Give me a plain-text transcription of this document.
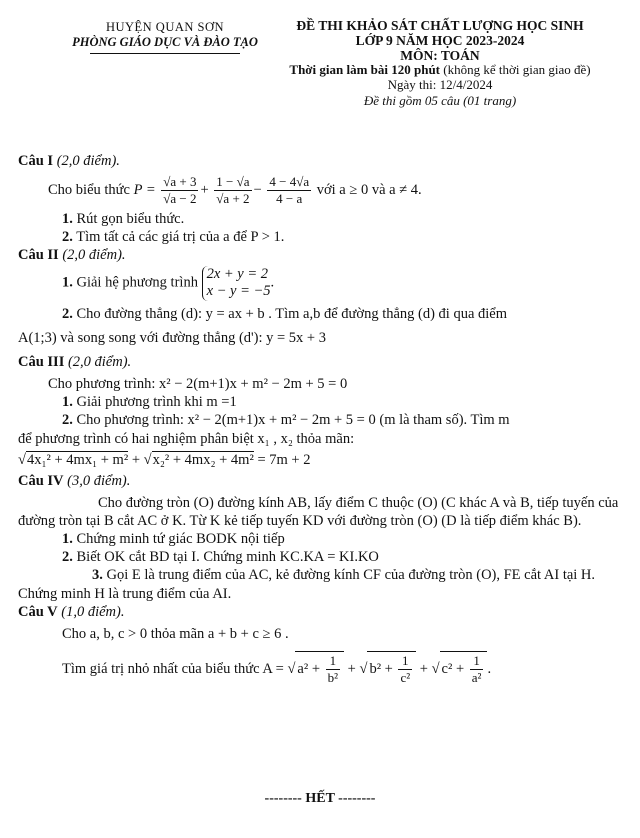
HUYỆN QUAN SƠN
PHÒNG GIÁO DỤC VÀ ĐÀO TẠO
ĐỀ THI KHẢO SÁT CHẤT LƯỢNG HỌC SINH
LỚP 9 NĂM HỌC 2023-2024
MÔN: TOÁN
Thời gian làm bài 120 phút (không kể thời gian giao đề)
Ngày thi: 12/4/2024
Đề thi gồm 05 câu (01 trang)
Câu I (2,0 điểm).
Cho biểu thức $P = \frac{√a + 3}{√a - 2} + \frac{1 - √a}{√a + 2} - \frac{4 - 4√a}{4 - a}$ với a ≥ 0 và a ≠ 4.
1. Rút gọn biểu thức.
2. Tìm tất cả các giá trị của a để P > 1.
Câu II (2,0 điểm).
1. Giải hệ phương trình
2x + y = 2
x − y = −5
.
2. Cho đường thẳng (d): y = ax + b . Tìm a,b để đường thẳng (d) đi qua điểm
A(1;3) và song song với đường thẳng (d'): y = 5x + 3
Câu III (2,0 điểm).
Cho phương trình: x² − 2(m+1)x + m² − 2m + 5 = 0
1. Giải phương trình khi m =1
2. Cho phương trình: x² − 2(m+1)x + m² − 2m + 5 = 0 (m là tham số). Tìm m
để phương trình có hai nghiệm phân biệt x₁ , x₂ thỏa mãn:
√4x₁² + 4mx₁ + m² + √x₂² + 4mx₂ + 4m² = 7m + 2
Câu IV (3,0 điểm).
Cho đường tròn (O) đường kính AB, lấy điểm C thuộc (O) (C khác A và B, tiếp tuyến của đường tròn tại B cắt AC ở K. Từ K kẻ tiếp tuyến KD với đường tròn (O) (D là tiếp điểm khác B).
1. Chứng minh tứ giác BODK nội tiếp
2. Biết OK cắt BD tại I. Chứng minh KC.KA = KI.KO
3. Gọi E là trung điểm của AC, kẻ đường kính CF của đường tròn (O), FE cắt AI tại H. Chứng minh H là trung điểm của AI.
Câu V (1,0 điểm).
Cho a, b, c > 0 thỏa mãn a + b + c ≥ 6 .
Tìm giá trị nhỏ nhất của biểu thức A = √ $a^2 + \frac{1}{\text{b²}}$ + √ $b^2 + \frac{1}{\text{c²}}$ + √ $c^2 + \frac{1}{\text{a²}}$ .
-------- HẾT --------
